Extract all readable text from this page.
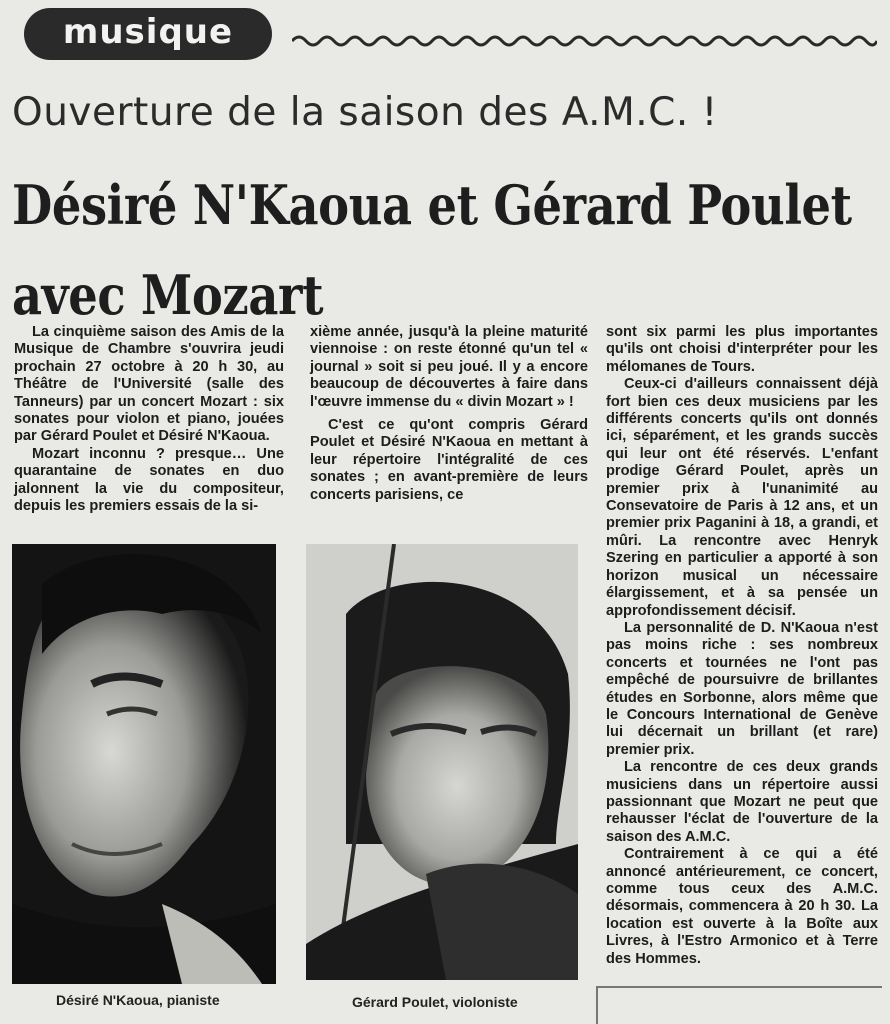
musique
Ouverture de la saison des A.M.C. !
Désiré N'Kaoua et Gérard Poulet
avec Mozart

La cinquième saison des Amis de la Musique de Chambre s'ouvrira jeudi prochain 27 octobre à 20 h 30, au Théâtre de l'Université (salle des Tanneurs) par un concert Mozart : six sonates pour violon et piano, jouées par Gérard Poulet et Désiré N'Kaoua.

Mozart inconnu ? presque… Une quarantaine de sonates en duo jalonnent la vie du compositeur, depuis les premiers essais de la si-

xième année, jusqu'à la pleine maturité viennoise : on reste étonné qu'un tel « journal » soit si peu joué. Il y a encore beaucoup de découvertes à faire dans l'œuvre immense du « divin Mozart » !

C'est ce qu'ont compris Gérard Poulet et Désiré N'Kaoua en mettant à leur répertoire l'intégralité de ces sonates ; en avant-première de leurs concerts parisiens, ce

sont six parmi les plus importantes qu'ils ont choisi d'interpréter pour les mélomanes de Tours.

Ceux-ci d'ailleurs connaissent déjà fort bien ces deux musiciens par les différents concerts qu'ils ont donnés ici, séparément, et les grands succès qui leur ont été réservés. L'enfant prodige Gérard Poulet, après un premier prix à l'unanimité au Consevatoire de Paris à 12 ans, et un premier prix Paganini à 18, a grandi, et mûri. La rencontre avec Henryk Szering en particulier a apporté à son horizon musical un nécessaire élargissement, et à sa pensée un approfondissement décisif.

La personnalité de D. N'Kaoua n'est pas moins riche : ses nombreux concerts et tournées ne l'ont pas empêché de poursuivre de brillantes études en Sorbonne, alors même que le Concours International de Genève lui décernait un brillant (et rare) premier prix.

La rencontre de ces deux grands musiciens dans un répertoire aussi passionnant que Mozart ne peut que rehausser l'éclat de l'ouverture de la saison des A.M.C.

Contrairement à ce qui a été annoncé antérieurement, ce concert, comme tous ceux des A.M.C. désormais, commencera à 20 h 30. La location est ouverte à la Boîte aux Livres, à l'Estro Armonico et à Terre des Hommes.

Désiré N'Kaoua, pianiste	Gérard Poulet, violoniste
